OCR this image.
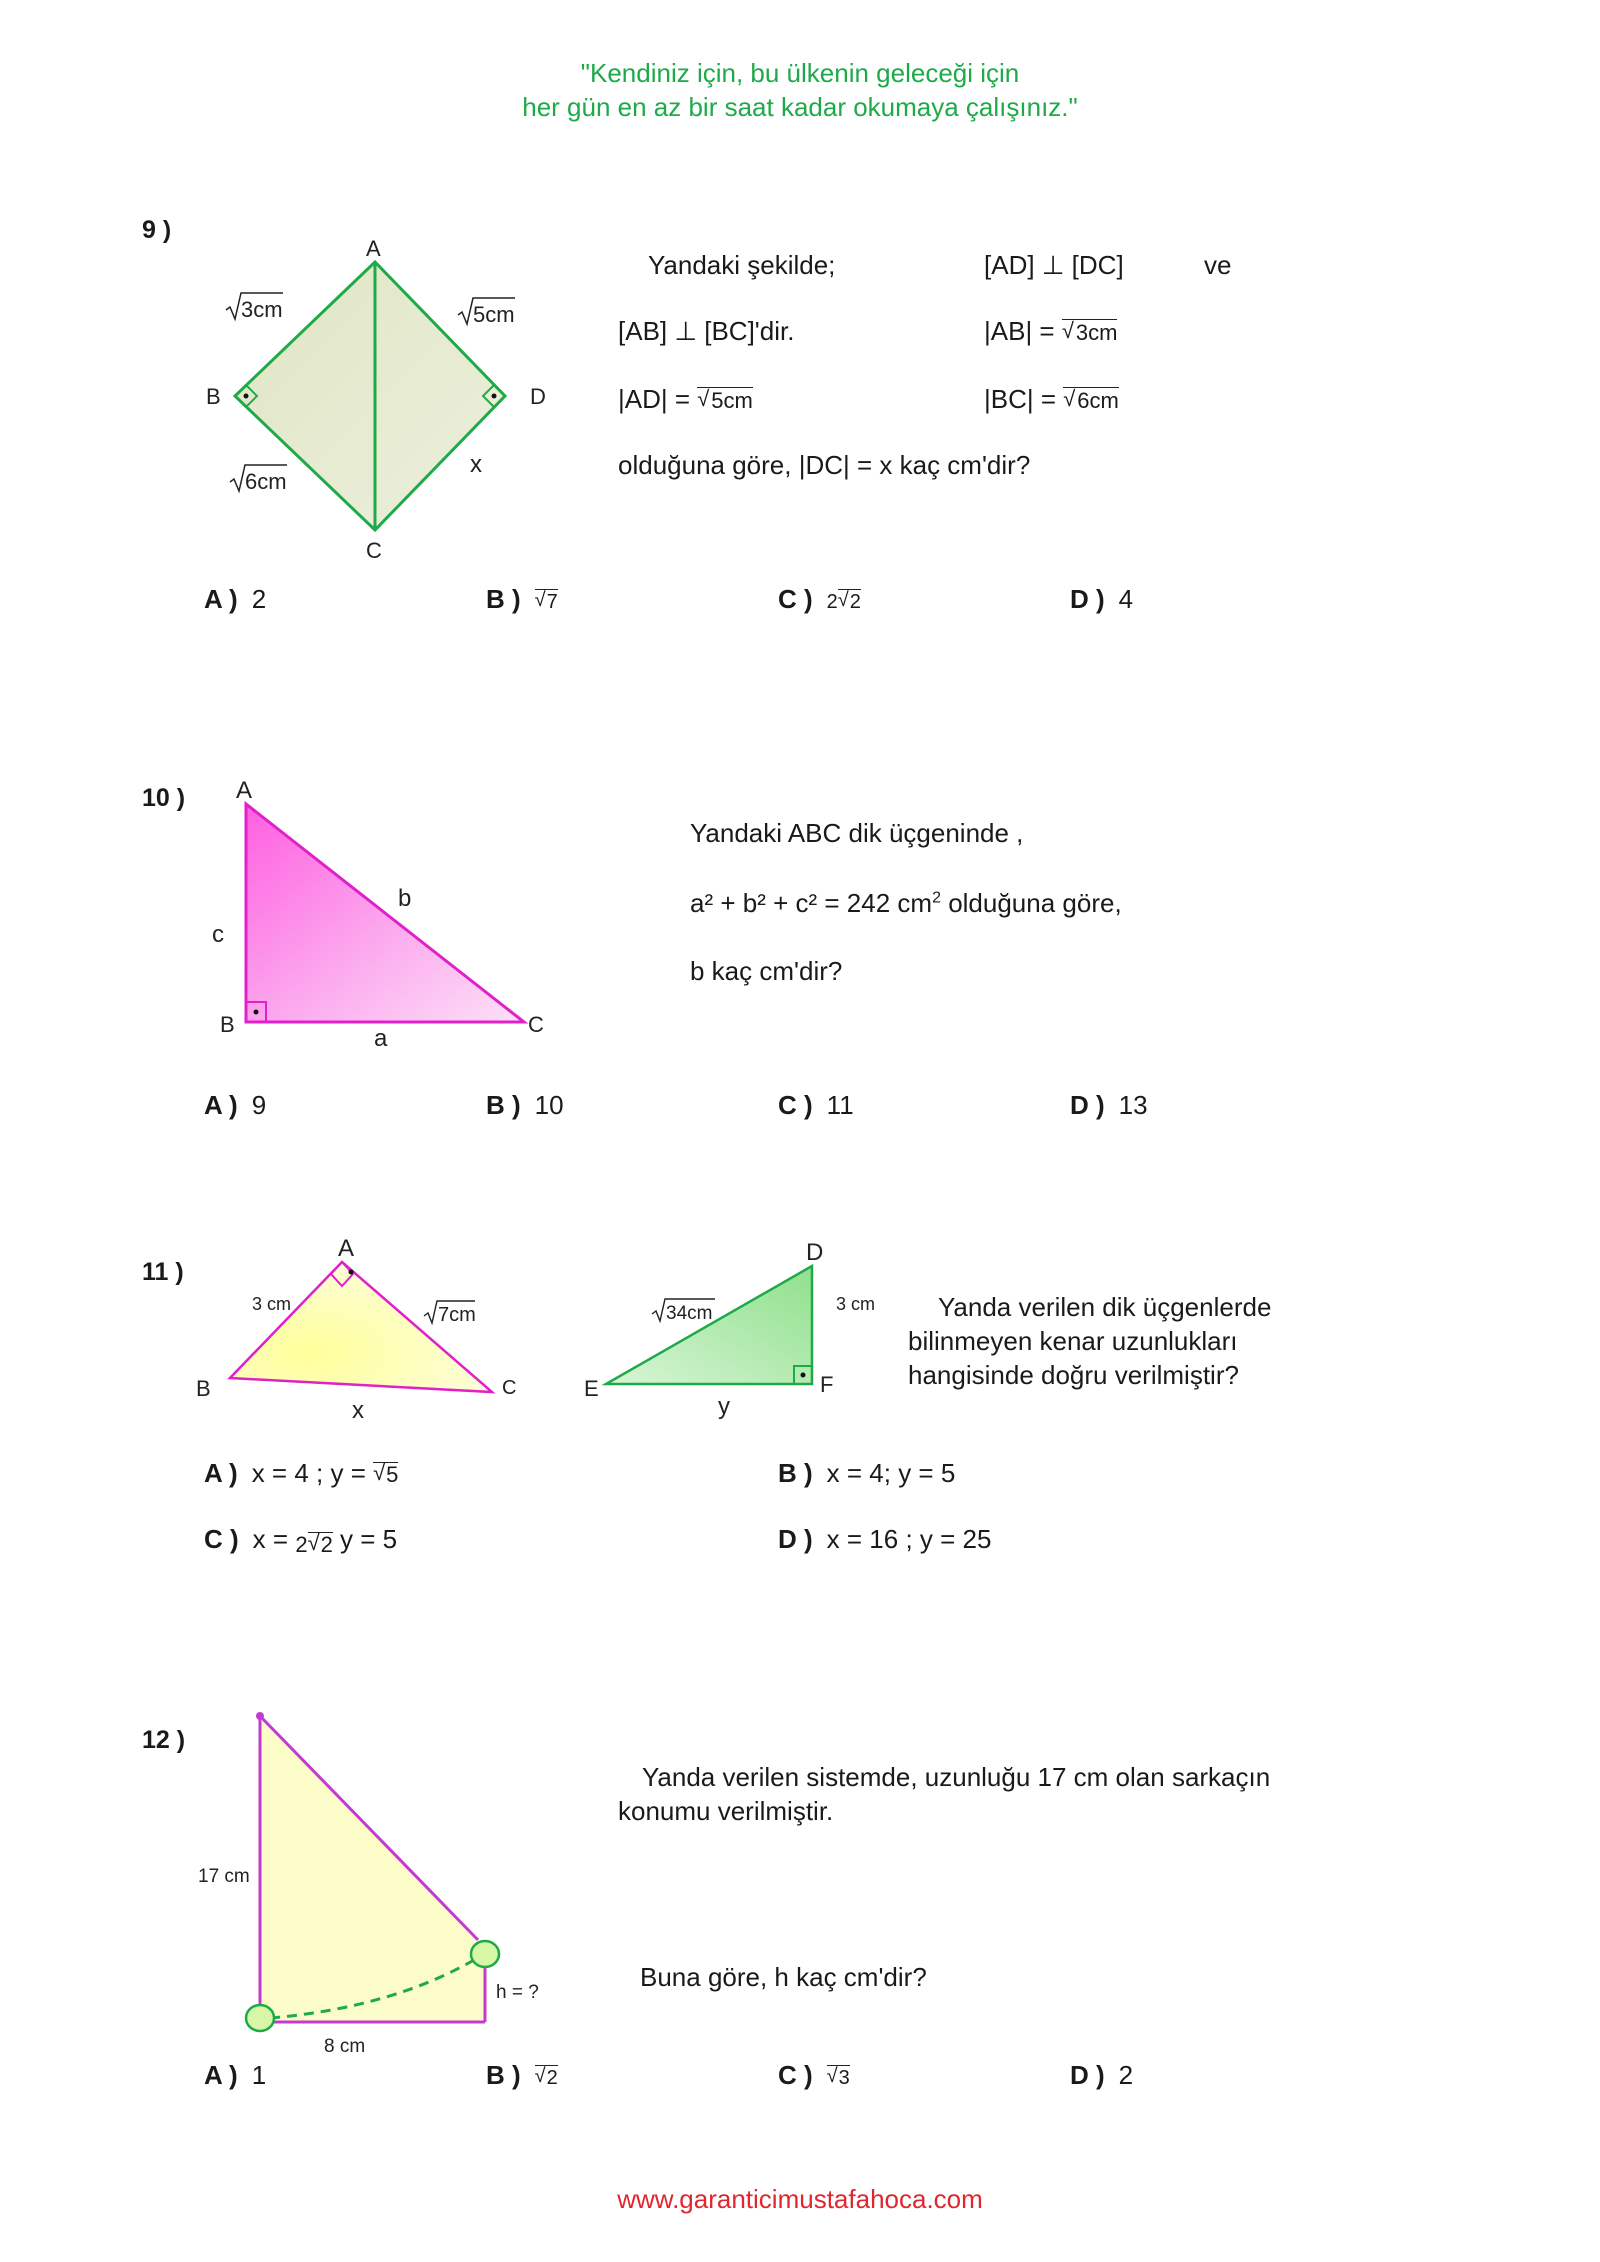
"Kendiniz için, bu ülkenin geleceği için
her gün en az bir saat kadar okumaya çalışınız."
9 )
A
B
C
D
x
3cm	5cm
6cm
Yandaki şekilde;	[AD] ⊥ [DC]	ve
[AB] ⊥ [BC]'dir.	|AB| = √ 3cm
|AD| = √ 5cm	|BC| = √ 6cm
olduğuna göre, |DC| = x kaç cm'dir?
A ) 2	B ) √ 7	C ) 2 √ 2	D ) 4
10 ) A
B	C
a
b
c
Yandaki ABC dik üçgeninde ,
a² + b² + c² = 242 $cm^2$ olduğuna göre,
b kaç cm'dir?
A ) 9	B ) 10	C ) 11	D ) 13
11 )
A
B	C
3 cm	7cm
x
D
E	F
3 cm
34cm
y
Yanda verilen dik üçgenlerde
bilinmeyen kenar uzunlukları
hangisinde doğru verilmiştir?
A ) x = 4 ; y = √ 5	B ) x = 4; y = 5
C ) x = 2 √ 2 y = 5	D ) x = 16 ; y = 25
12 )
17 cm
8 cm
h = ?
Yanda verilen sistemde, uzunluğu 17 cm olan sarkaçın
konumu verilmiştir.
Buna göre, h kaç cm'dir?
A ) 1	B ) √ 2	C ) √ 3	D ) 2
www.garanticimustafahoca.com
